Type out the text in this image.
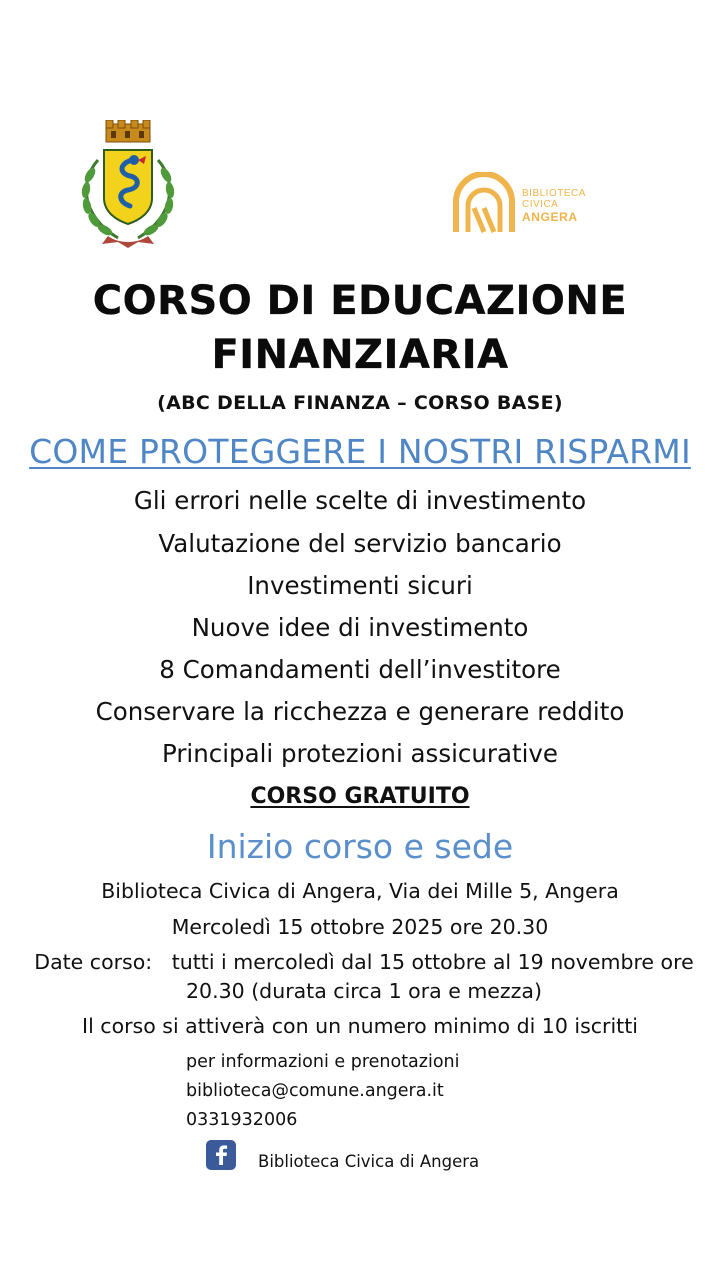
BIBLIOTECA
CIVICA
ANGERA
CORSO DI EDUCAZIONE
FINANZIARIA
(ABC DELLA FINANZA – CORSO BASE)
COME PROTEGGERE I NOSTRI RISPARMI
Gli errori nelle scelte di investimento
Valutazione del servizio bancario
Investimenti sicuri
Nuove idee di investimento
8 Comandamenti dell’investitore
Conservare la ricchezza e generare reddito
Principali protezioni assicurative
CORSO GRATUITO
Inizio corso e sede
Biblioteca Civica di Angera, Via dei Mille 5, Angera
Mercoledì 15 ottobre 2025 ore 20.30
Date corso:   tutti i mercoledì dal 15 ottobre al 19 novembre ore 20.30 (durata circa 1 ora e mezza)
Il corso si attiverà con un numero minimo di 10 iscritti
per informazioni e prenotazioni
biblioteca@comune.angera.it
0331932006
Biblioteca Civica di Angera
